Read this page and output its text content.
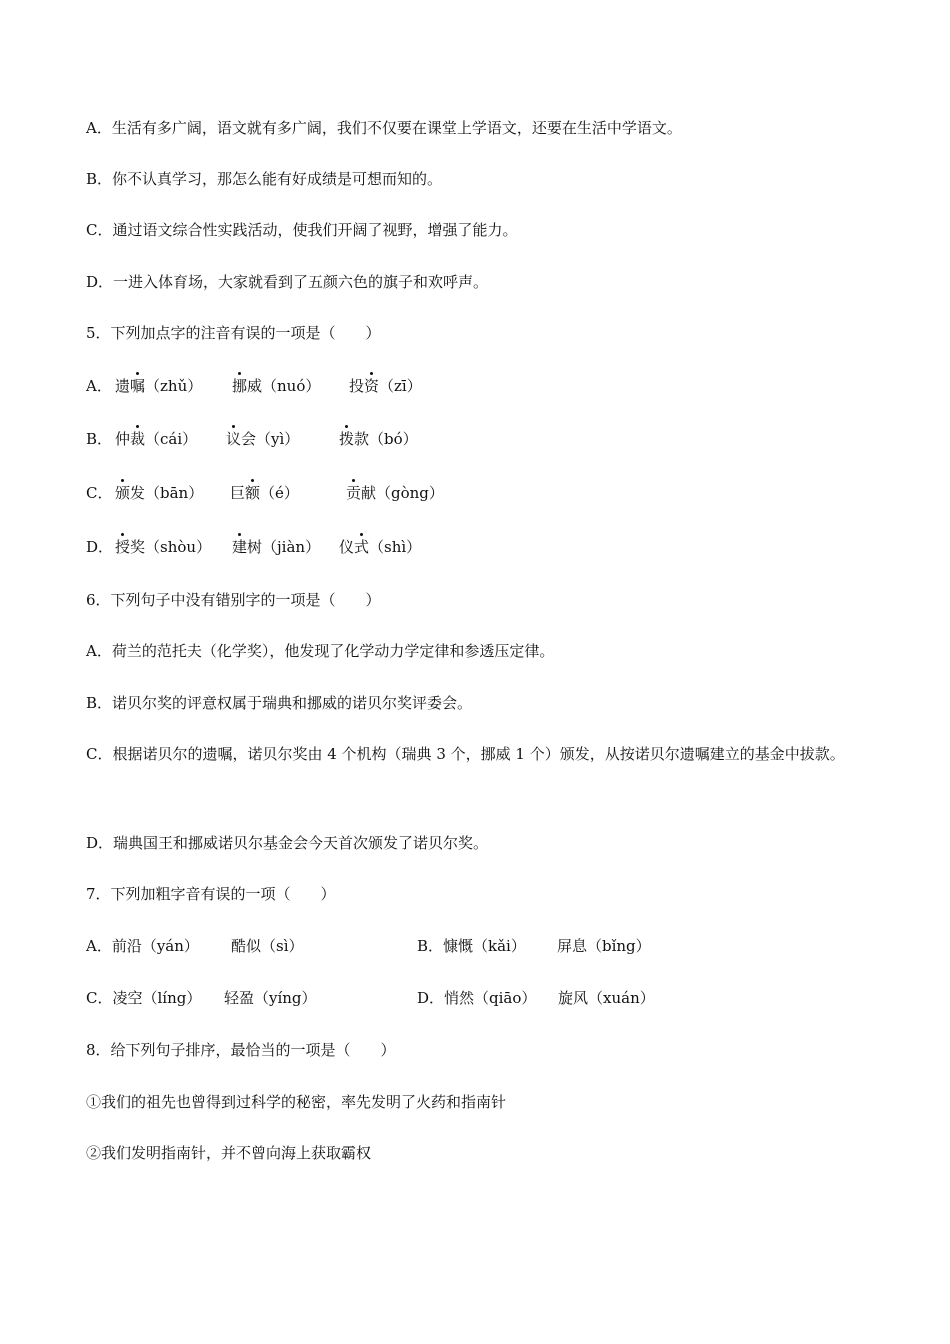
A．生活有多广阔，语文就有多广阔，我们不仅要在课堂上学语文，还要在生活中学语文。
B．你不认真学习，那怎么能有好成绩是可想而知的。
C．通过语文综合性实践活动，使我们开阔了视野，增强了能力。
D．一进入体育场，大家就看到了五颜六色的旗子和欢呼声。
5．下列加点字的注音有误的一项是（　　）
A． 遗嘱（zhǔ） 挪威（nuó） 投资（zī）
B． 仲裁（cái） 议会（yì）	拨款（bó）
C． 颁发（bān） 巨额（é）	贡献（gòng）
D． 授奖（shòu） 建树（jiàn） 仪式（shì）
6．下列句子中没有错别字的一项是（　　）
A．荷兰的范托夫（化学奖），他发现了化学动力学定律和参透压定律。
B．诺贝尔奖的评意权属于瑞典和挪威的诺贝尔奖评委会。
C．根据诺贝尔的遗嘱，诺贝尔奖由 4 个机构（瑞典 3 个，挪威 1 个）颁发，从按诺贝尔遗嘱建立的基金中拔款。
D．瑞典国王和挪威诺贝尔基金会今天首次颁发了诺贝尔奖。
7．下列加粗字音有误的一项（　　）
A．前沿（yán） 酷似（sì）	B．慷慨（kǎi） 屏息（bǐng）
C．凌空（líng） 轻盈（yíng）	D．悄然（qiāo） 旋风（xuán）
8．给下列句子排序，最恰当的一项是（　　）
①我们的祖先也曾得到过科学的秘密，率先发明了火药和指南针
②我们发明指南针，并不曾向海上获取霸权
